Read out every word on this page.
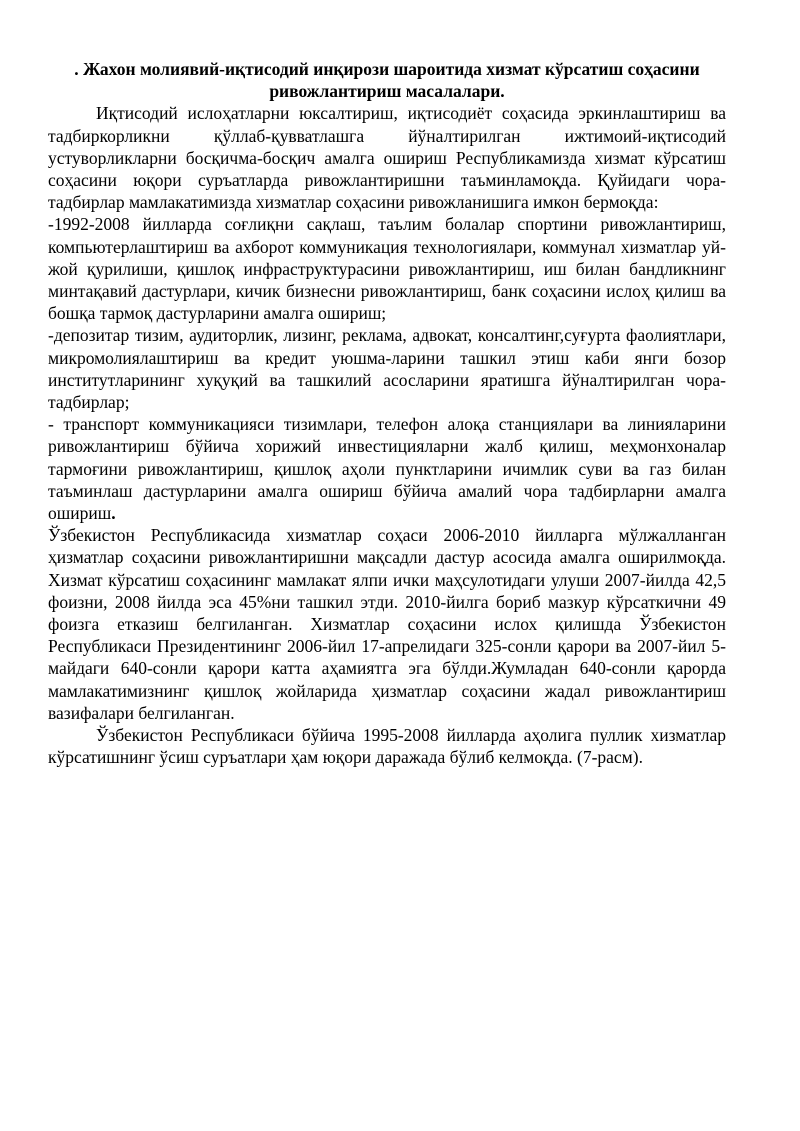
. Жахон молиявий-иқтисодий инқирози шароитида хизмат кўрсатиш соҳасини ривожлантириш масалалари.

Иқтисодий ислоҳатларни юксалтириш, иқтисодиёт соҳасида эркинлаштириш ва тадбиркорликни қўллаб-қувватлашга йўналтирилган ижтимоий-иқтисодий устуворликларни босқичма-босқич амалга ошириш Республикамизда хизмат кўрсатиш соҳасини юқори суръатларда ривожлантиришни таъминламоқда. Қуйидаги чора-тадбирлар мамлакатимизда хизматлар соҳасини ривожланишига имкон бермоқда:

-1992-2008 йилларда соғлиқни сақлаш, таълим болалар спортини ривожлантириш, компьютерлаштириш ва ахборот коммуникация технологиялари, коммунал хизматлар уй-жой қурилиши, қишлоқ инфраструктурасини ривожлантириш, иш билан бандликнинг минтақавий дастурлари, кичик бизнесни ривожлантириш, банк соҳасини ислоҳ қилиш ва бошқа тармоқ дастурларини амалга ошириш;

-депозитар тизим, аудиторлик, лизинг, реклама, адвокат, консалтинг,суғурта фаолиятлари, микромолиялаштириш ва кредит уюшма-ларини ташкил этиш каби янги бозор институтларининг хуқуқий ва ташкилий асосларини яратишга йўналтирилган чора-тадбирлар;

- транспорт коммуникацияси тизимлари, телефон алоқа станциялари ва линияларини ривожлантириш бўйича хорижий инвестицияларни жалб қилиш, меҳмонхоналар тармоғини ривожлантириш, қишлоқ аҳоли пунктларини ичимлик суви ва газ билан таъминлаш дастурларини амалга ошириш бўйича амалий чора тадбирларни амалга ошириш.

Ўзбекистон Республикасида хизматлар соҳаси 2006-2010 йилларга мўлжалланган ҳизматлар соҳасини ривожлантиришни мақсадли дастур асосида амалга оширилмоқда. Хизмат кўрсатиш соҳасининг мамлакат ялпи ички маҳсулотидаги улуши 2007-йилда 42,5 фоизни, 2008 йилда эса 45%ни ташкил этди. 2010-йилга бориб мазкур кўрсаткични 49 фоизга етказиш белгиланган. Хизматлар соҳасини ислох қилишда Ўзбекистон Республикаси Президентининг 2006-йил 17-апрелидаги 325-сонли қарори ва 2007-йил 5-майдаги 640-сонли қарори катта аҳамиятга эга бўлди.Жумладан 640-сонли қарорда мамлакатимизнинг қишлоқ жойларида ҳизматлар соҳасини жадал ривожлантириш вазифалари белгиланган.

Ўзбекистон Республикаси бўйича 1995-2008 йилларда аҳолига пуллик хизматлар кўрсатишнинг ўсиш суръатлари ҳам юқори даражада бўлиб келмоқда. (7-расм).
